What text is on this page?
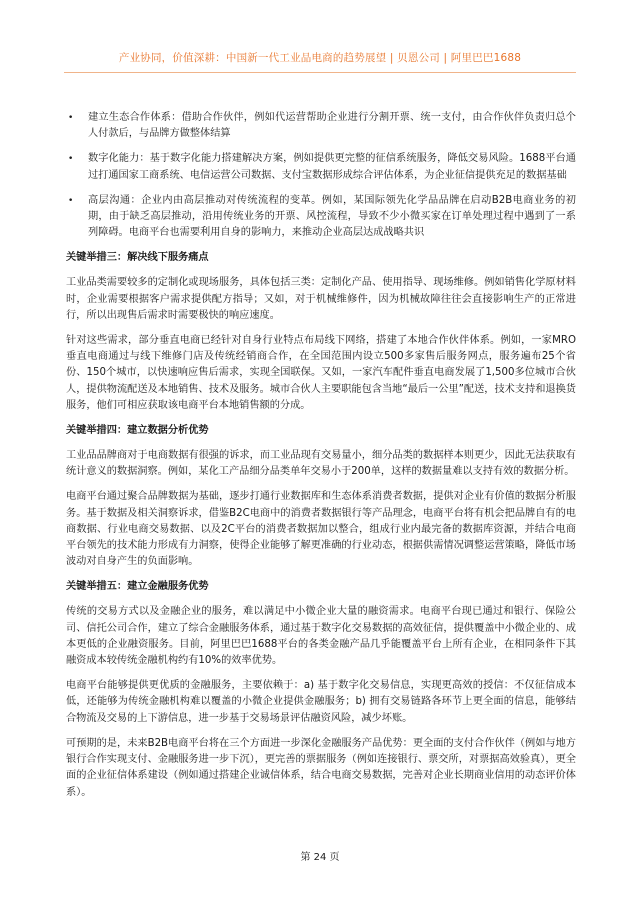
产业协同，价值深耕：中国新一代工业品电商的趋势展望 | 贝恩公司 | 阿里巴巴1688
• 建立生态合作体系：借助合作伙伴，例如代运营帮助企业进行分割开票、统一支付，由合作伙伴负责归总个人付款后，与品牌方做整体结算
• 数字化能力：基于数字化能力搭建解决方案，例如提供更完整的征信系统服务，降低交易风险。1688平台通过打通国家工商系统、电信运营公司数据、支付宝数据形成综合评估体系，为企业征信提供充足的数据基础
• 高层沟通：企业内由高层推动对传统流程的变革。例如，某国际领先化学品品牌在启动B2B电商业务的初期，由于缺乏高层推动，沿用传统业务的开票、风控流程，导致不少小微买家在订单处理过程中遇到了一系列障碍。电商平台也需要利用自身的影响力，来推动企业高层达成战略共识
关键举措三：解决线下服务痛点

工业品类需要较多的定制化或现场服务，具体包括三类：定制化产品、使用指导、现场维修。例如销售化学原材料时，企业需要根据客户需求提供配方指导；又如，对于机械维修件，因为机械故障往往会直接影响生产的正常进行，所以出现售后需求时需要极快的响应速度。

针对这些需求，部分垂直电商已经针对自身行业特点布局线下网络，搭建了本地合作伙伴体系。例如，一家MRO垂直电商通过与线下维修门店及传统经销商合作，在全国范围内设立500多家售后服务网点，服务遍布25个省份、150个城市，以快速响应售后需求，实现全国联保。又如，一家汽车配件垂直电商发展了1,500多位城市合伙人，提供物流配送及本地销售、技术及服务。城市合伙人主要职能包含当地“最后一公里”配送，技术支持和退换货服务，他们可相应获取该电商平台本地销售额的分成。

关键举措四：建立数据分析优势

工业品品牌商对于电商数据有很强的诉求，而工业品现有交易量小，细分品类的数据样本则更少，因此无法获取有统计意义的数据洞察。例如，某化工产品细分品类单年交易小于200单，这样的数据量难以支持有效的数据分析。

电商平台通过聚合品牌数据为基础，逐步打通行业数据库和生态体系消费者数据，提供对企业有价值的数据分析服务。基于数据及相关洞察诉求，借鉴B2C电商中的消费者数据银行等产品理念，电商平台将有机会把品牌自有的电商数据、行业电商交易数据、以及2C平台的消费者数据加以整合，组成行业内最完备的数据库资源，并结合电商平台领先的技术能力形成有力洞察，使得企业能够了解更准确的行业动态，根据供需情况调整运营策略，降低市场波动对自身产生的负面影响。

关键举措五：建立金融服务优势

传统的交易方式以及金融企业的服务，难以满足中小微企业大量的融资需求。电商平台现已通过和银行、保险公司、信托公司合作，建立了综合金融服务体系，通过基于数字化交易数据的高效征信，提供覆盖中小微企业的、成本更低的企业融资服务。目前，阿里巴巴1688平台的各类金融产品几乎能覆盖平台上所有企业，在相同条件下其融资成本较传统金融机构约有10%的效率优势。

电商平台能够提供更优质的金融服务，主要依赖于：a) 基于数字化交易信息，实现更高效的授信：不仅征信成本低，还能够为传统金融机构难以覆盖的小微企业提供金融服务；b) 拥有交易链路各环节上更全面的信息，能够结合物流及交易的上下游信息，进一步基于交易场景评估融资风险，减少坏账。

可预期的是，未来B2B电商平台将在三个方面进一步深化金融服务产品优势：更全面的支付合作伙伴（例如与地方银行合作实现支付、金融服务进一步下沉），更完善的票据服务（例如连接银行、票交所，对票据高效验真），更全面的企业征信体系建设（例如通过搭建企业诚信体系，结合电商交易数据，完善对企业长期商业信用的动态评价体系）。

第 24 页
